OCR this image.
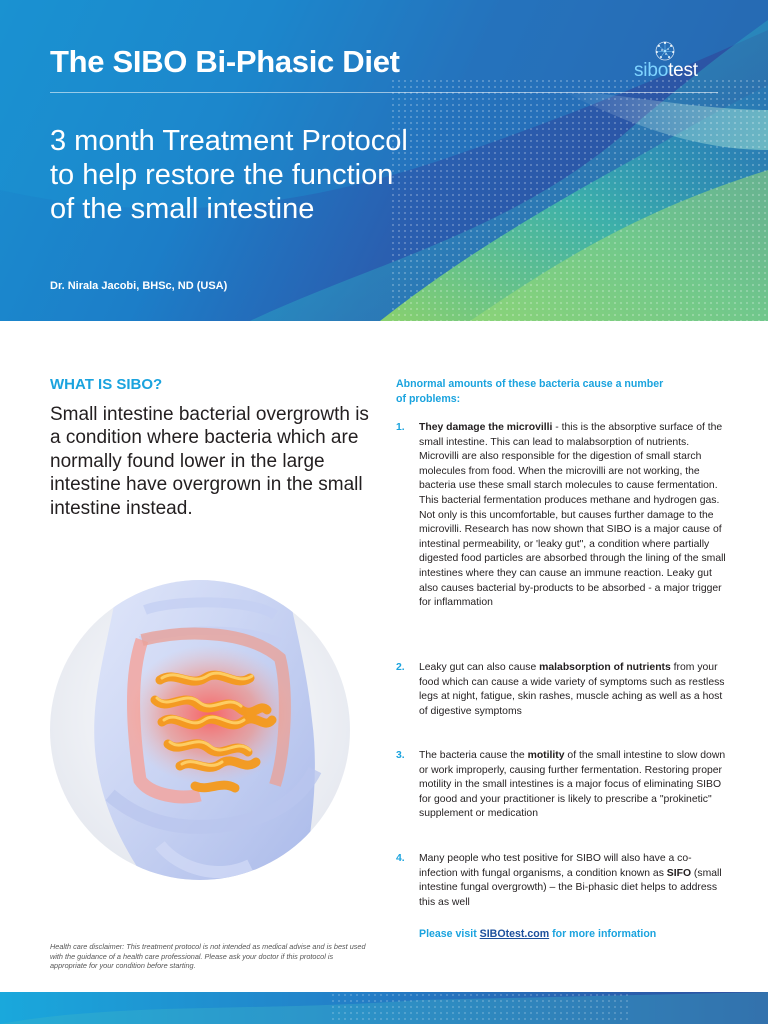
The SIBO Bi-Phasic Diet	sibotest
3 month Treatment Protocol
to help restore the function
of the small intestine
Dr. Nirala Jacobi, BHSc, ND (USA)
WHAT IS SIBO?
Small intestine bacterial overgrowth is a condition where bacteria which are normally found lower in the large intestine have overgrown in the small intestine instead.
Health care disclaimer: This treatment protocol is not intended as medical advise and is best used with the guidance of a health care professional. Please ask your doctor if this protocol is appropriate for your condition before starting.
Abnormal amounts of these bacteria cause a number
of problems:
1. They damage the microvilli - this is the absorptive surface of the small intestine. This can lead to malabsorption of nutrients. Microvilli are also responsible for the digestion of small starch molecules from food. When the microvilli are not working, the bacteria use these small starch molecules to cause fermentation. This bacterial fermentation produces methane and hydrogen gas. Not only is this uncomfortable, but causes further damage to the microvilli. Research has now shown that SIBO is a major cause of intestinal permeability, or 'leaky gut", a condition where partially digested food particles are absorbed through the lining of the small intestines where they can cause an immune reaction. Leaky gut also causes bacterial by-products to be absorbed - a major trigger for inflammation
2. Leaky gut can also cause malabsorption of nutrients from your food which can cause a wide variety of symptoms such as restless legs at night, fatigue, skin rashes, muscle aching as well as a host of digestive symptoms
3. The bacteria cause the motility of the small intestine to slow down or work improperly, causing further fermentation. Restoring proper motility in the small intestines is a major focus of eliminating SIBO for good and your practitioner is likely to prescribe a "prokinetic" supplement or medication
4. Many people who test positive for SIBO will also have a co-infection with fungal organisms, a condition known as SIFO (small intestine fungal overgrowth) – the Bi-phasic diet helps to address this as well
Please visit SIBOtest.com for more information
